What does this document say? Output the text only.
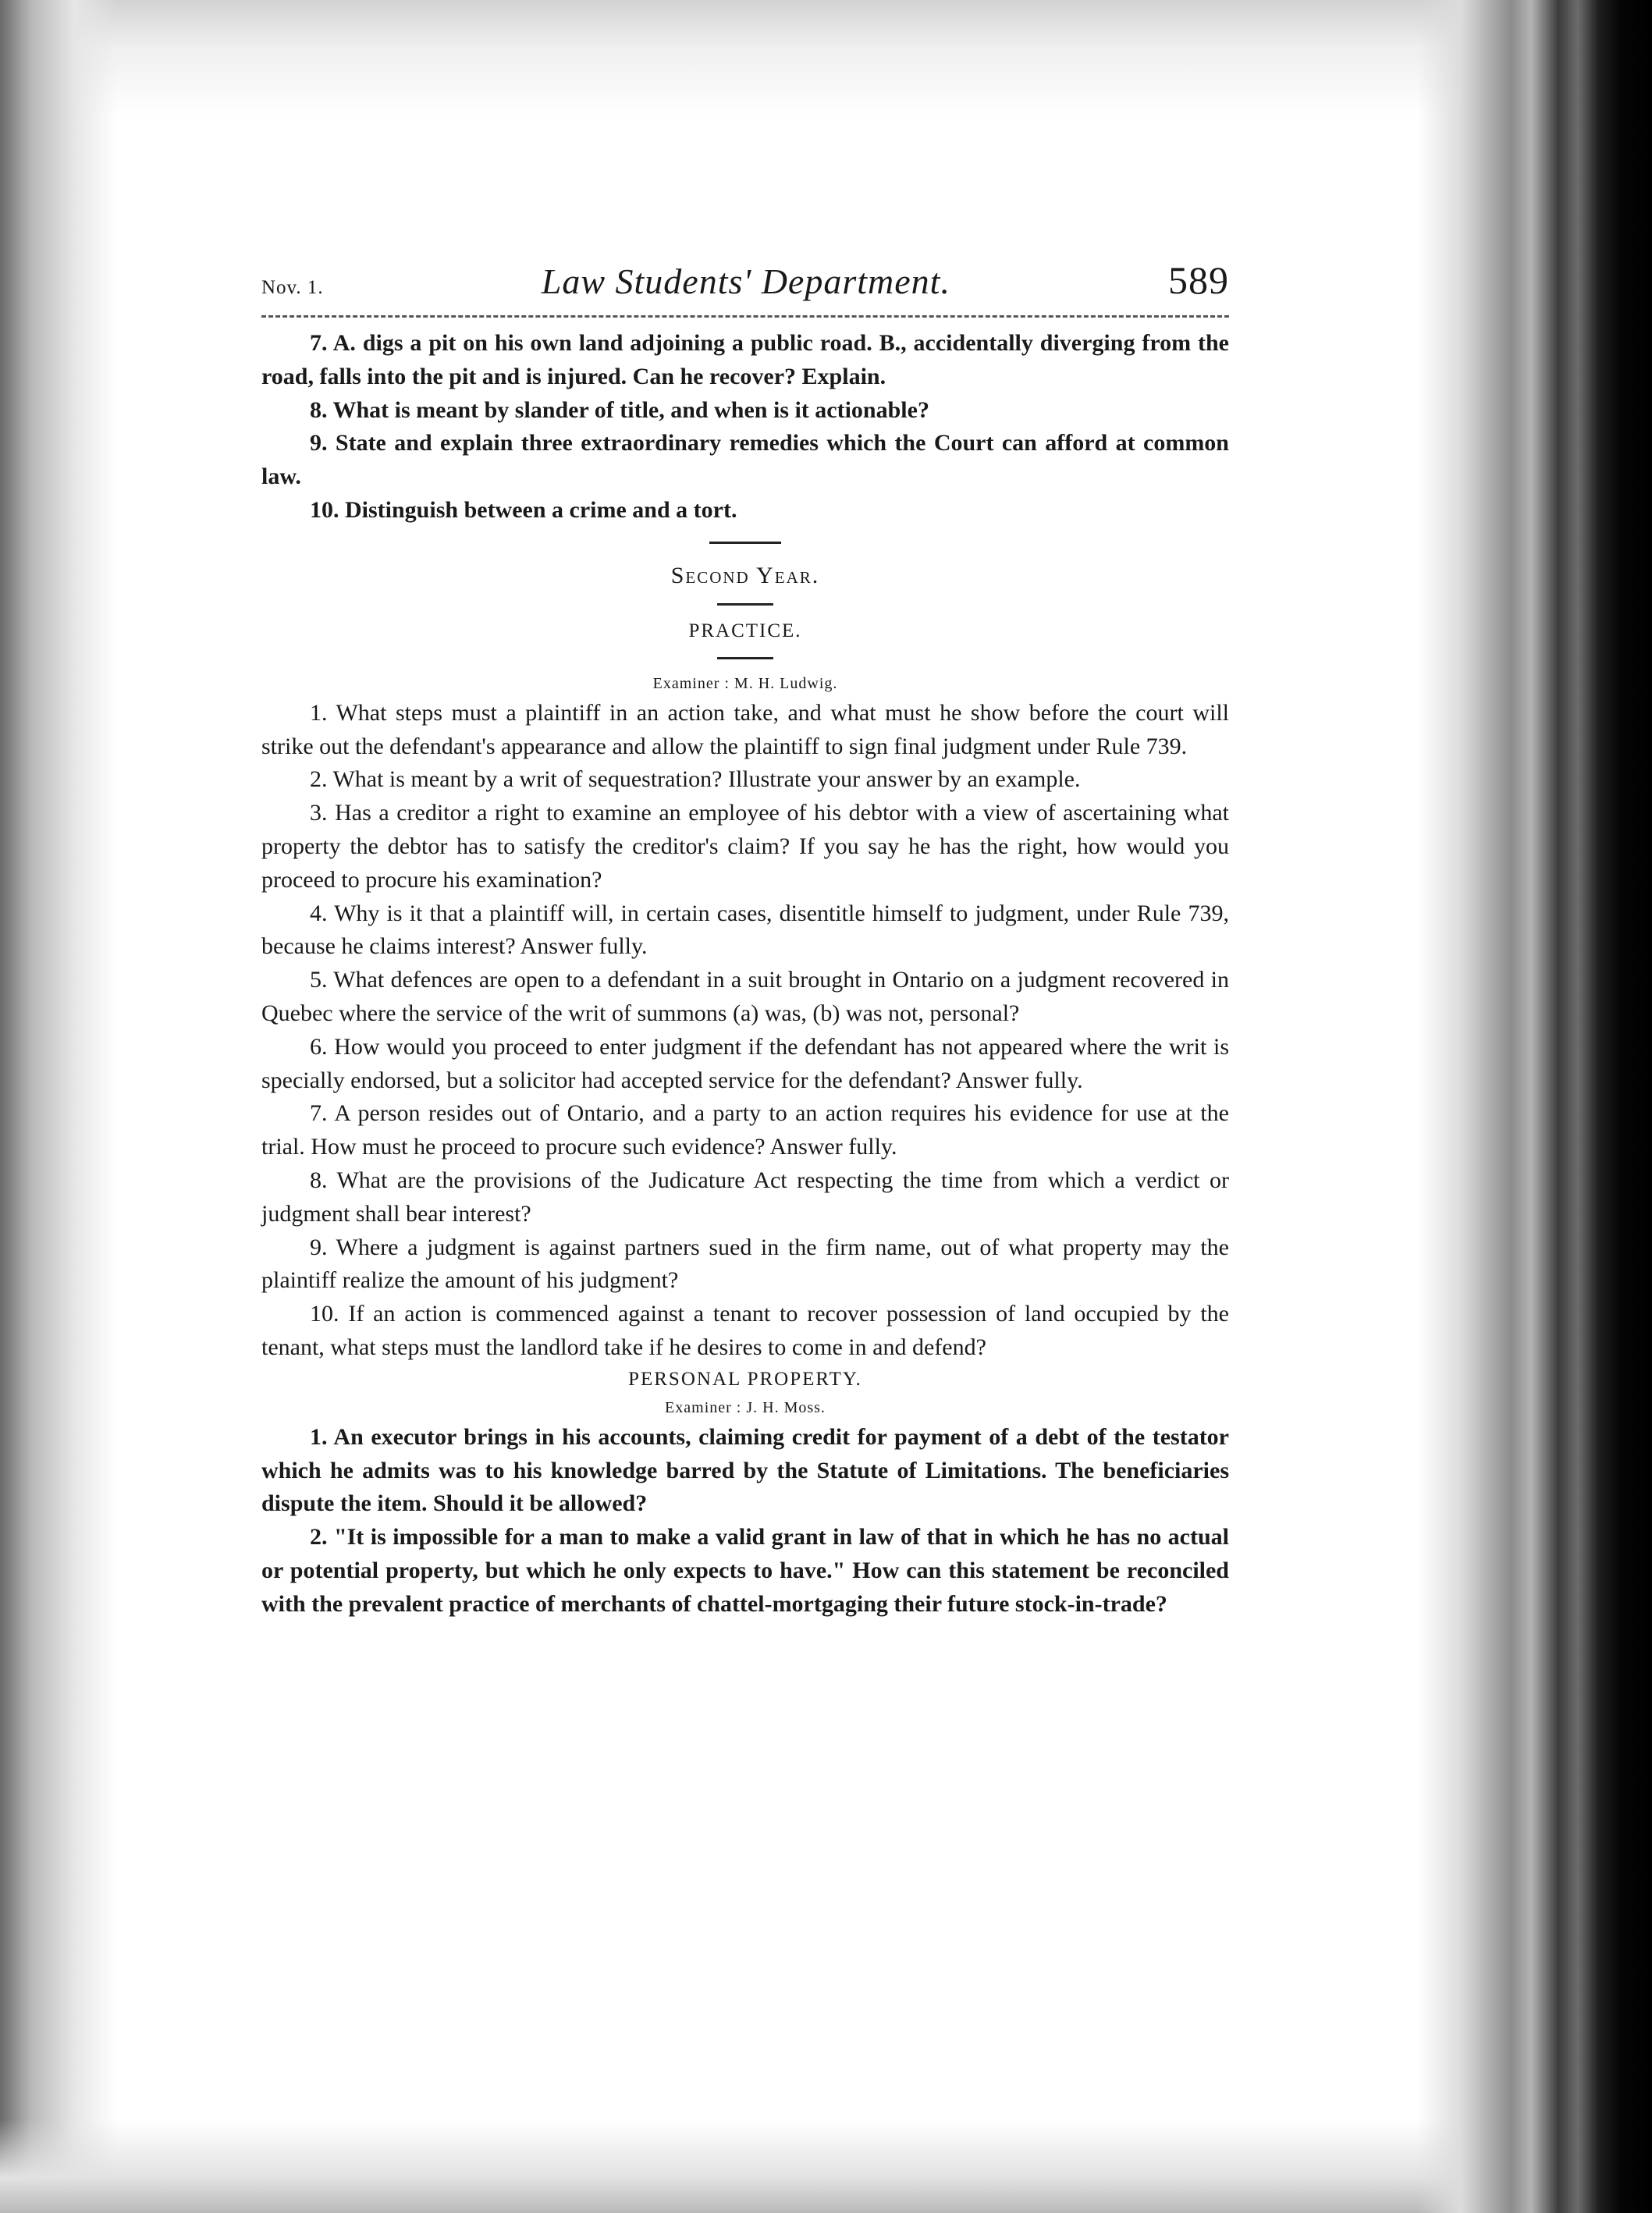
Nov. 1.	Law Students' Department.	589

7. A. digs a pit on his own land adjoining a public road. B., accidentally diverging from the road, falls into the pit and is injured. Can he recover? Explain.

8. What is meant by slander of title, and when is it actionable?

9. State and explain three extraordinary remedies which the Court can afford at common law.

10. Distinguish between a crime and a tort.

Second Year.
PRACTICE.
Examiner : M. H. Ludwig.

1. What steps must a plaintiff in an action take, and what must he show before the court will strike out the defendant's appearance and allow the plaintiff to sign final judgment under Rule 739.

2. What is meant by a writ of sequestration? Illustrate your answer by an example.

3. Has a creditor a right to examine an employee of his debtor with a view of ascertaining what property the debtor has to satisfy the creditor's claim? If you say he has the right, how would you proceed to procure his examination?

4. Why is it that a plaintiff will, in certain cases, disentitle himself to judgment, under Rule 739, because he claims interest? Answer fully.

5. What defences are open to a defendant in a suit brought in Ontario on a judgment recovered in Quebec where the service of the writ of summons (a) was, (b) was not, personal?

6. How would you proceed to enter judgment if the defendant has not appeared where the writ is specially endorsed, but a solicitor had accepted service for the defendant? Answer fully.

7. A person resides out of Ontario, and a party to an action requires his evidence for use at the trial. How must he proceed to procure such evidence? Answer fully.

8. What are the provisions of the Judicature Act respecting the time from which a verdict or judgment shall bear interest?

9. Where a judgment is against partners sued in the firm name, out of what property may the plaintiff realize the amount of his judgment?

10. If an action is commenced against a tenant to recover possession of land occupied by the tenant, what steps must the landlord take if he desires to come in and defend?

PERSONAL PROPERTY.
Examiner : J. H. Moss.

1. An executor brings in his accounts, claiming credit for payment of a debt of the testator which he admits was to his knowledge barred by the Statute of Limitations. The beneficiaries dispute the item. Should it be allowed?

2. "It is impossible for a man to make a valid grant in law of that in which he has no actual or potential property, but which he only expects to have." How can this statement be reconciled with the prevalent practice of merchants of chattel-mortgaging their future stock-in-trade?
